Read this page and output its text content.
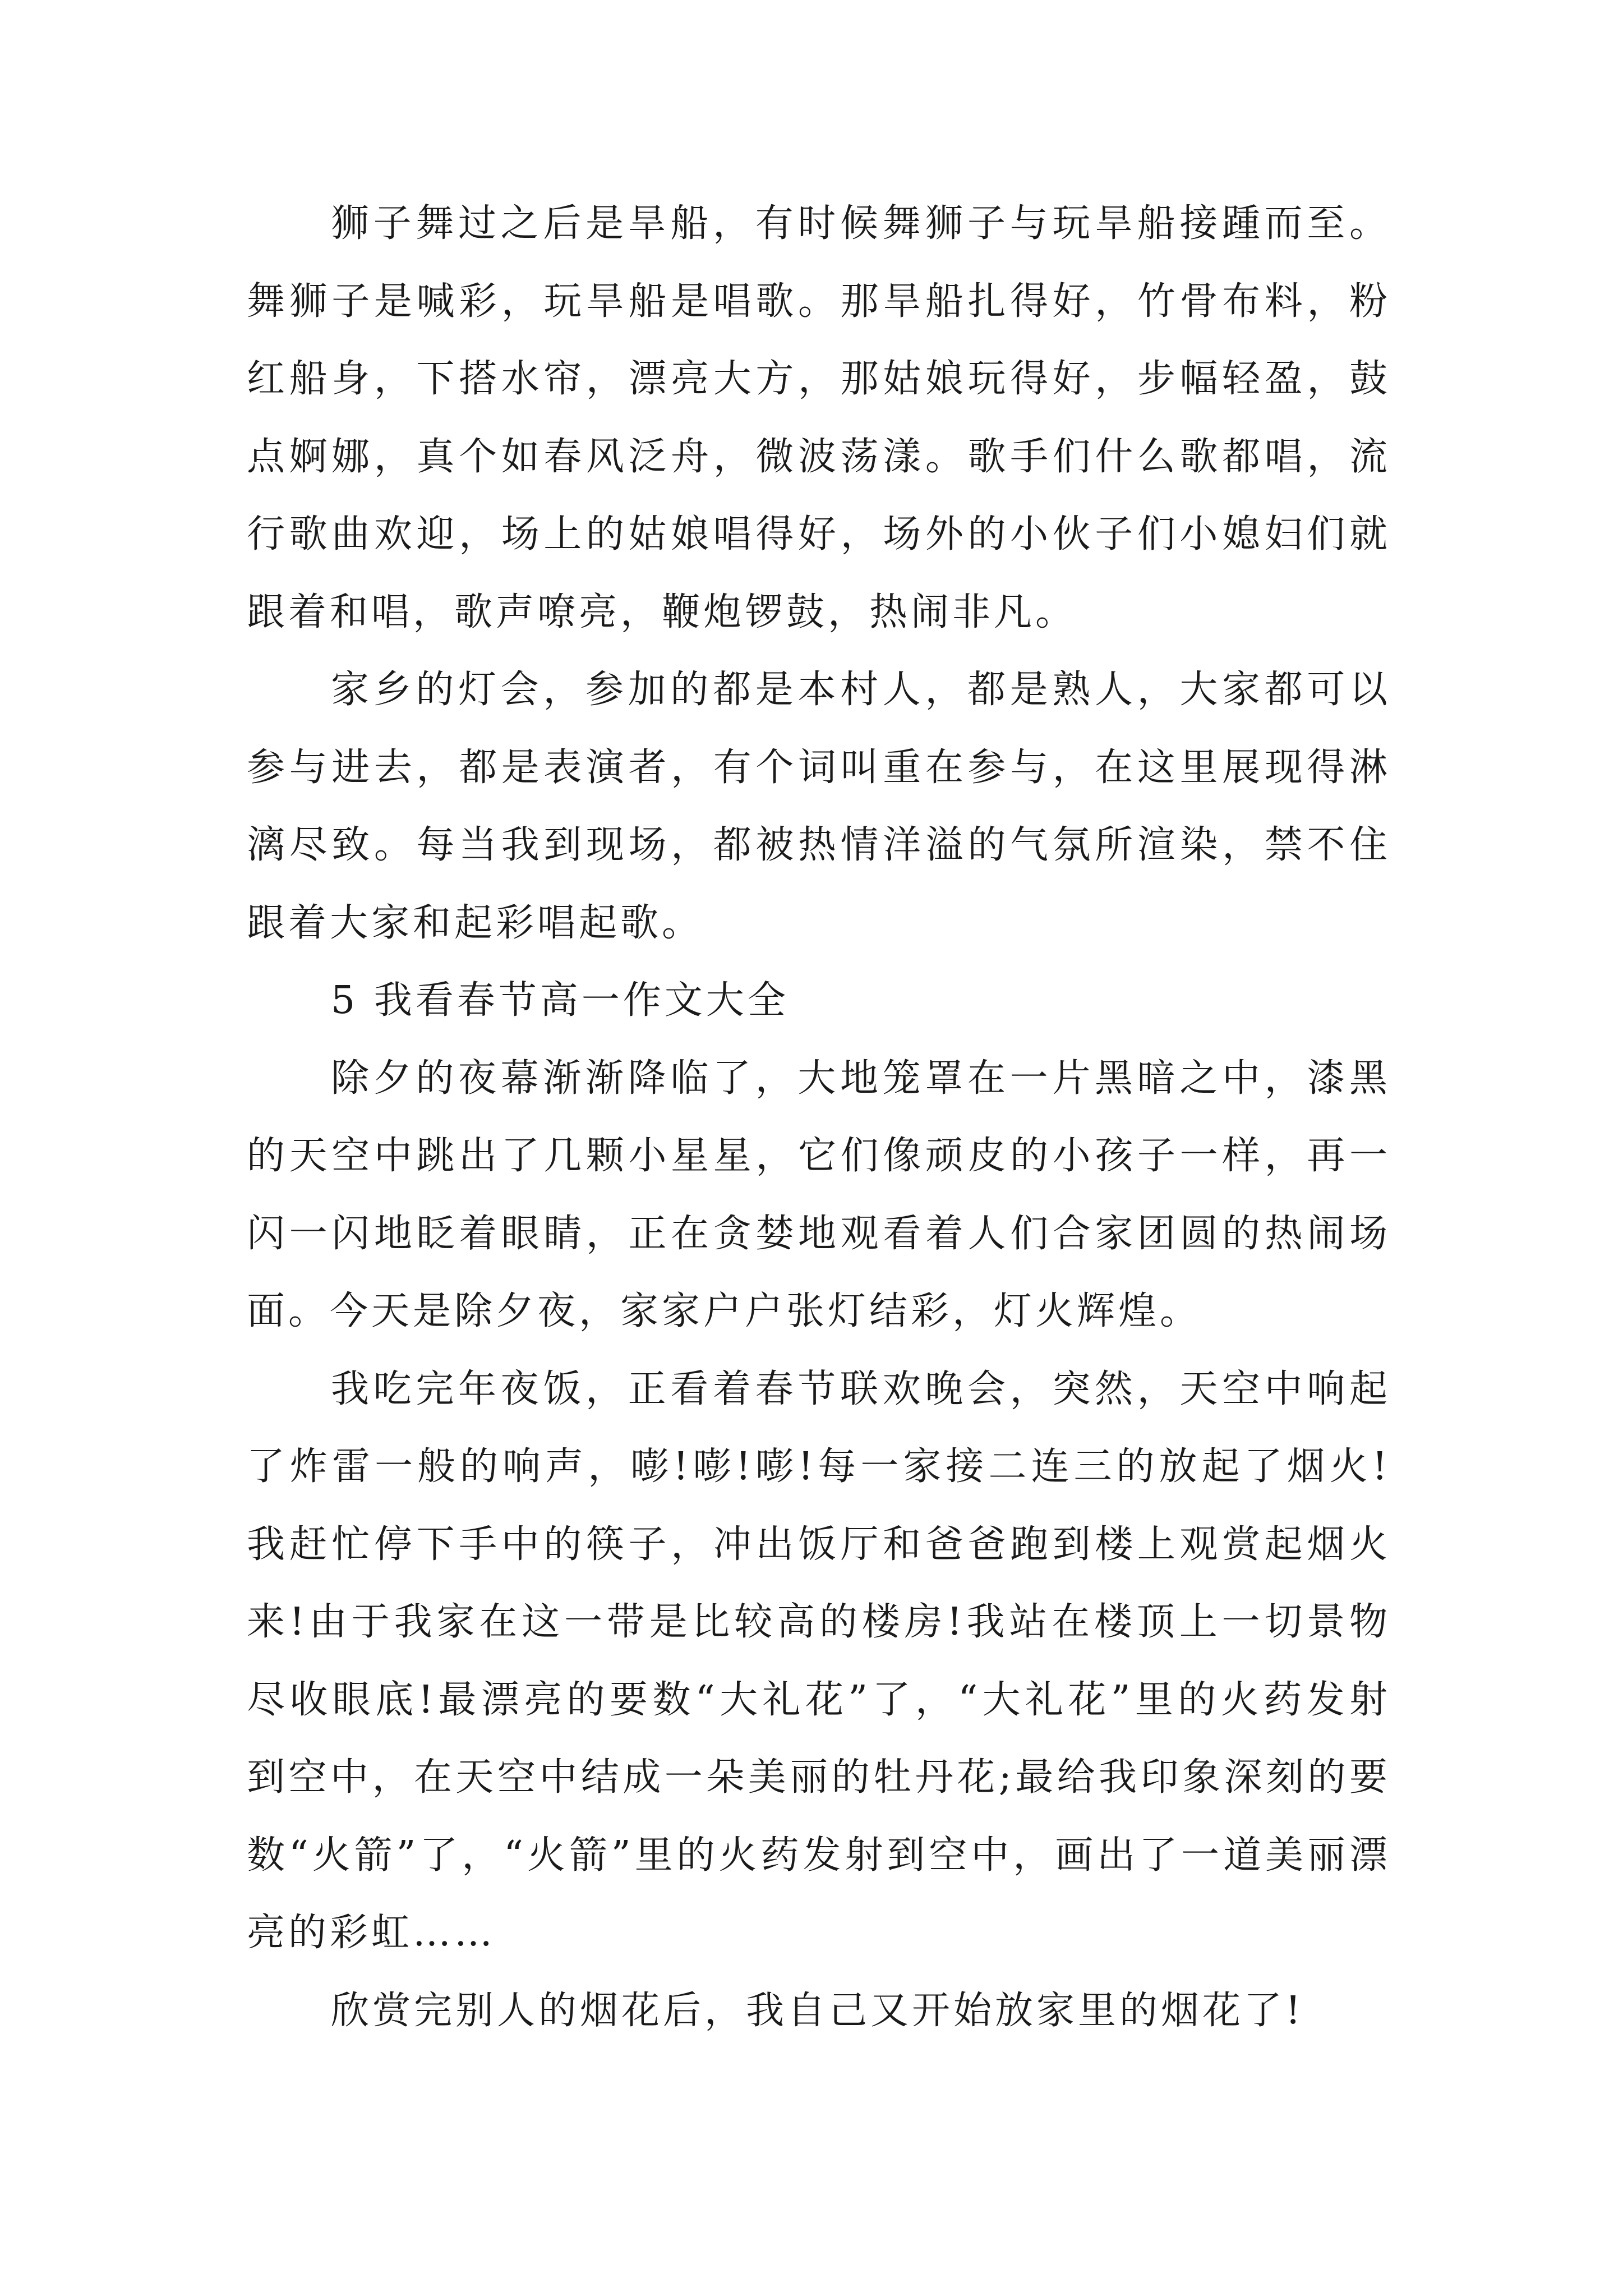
狮子舞过之后是旱船，有时候舞狮子与玩旱船接踵而至。舞狮子是喊彩，玩旱船是唱歌。那旱船扎得好，竹骨布料，粉红船身，下搭水帘，漂亮大方，那姑娘玩得好，步幅轻盈，鼓点婀娜，真个如春风泛舟，微波荡漾。歌手们什么歌都唱，流行歌曲欢迎，场上的姑娘唱得好，场外的小伙子们小媳妇们就跟着和唱，歌声嘹亮，鞭炮锣鼓，热闹非凡。

家乡的灯会，参加的都是本村人，都是熟人，大家都可以参与进去，都是表演者，有个词叫重在参与，在这里展现得淋漓尽致。每当我到现场，都被热情洋溢的气氛所渲染，禁不住跟着大家和起彩唱起歌。

5 我看春节高一作文大全

除夕的夜幕渐渐降临了，大地笼罩在一片黑暗之中，漆黑的天空中跳出了几颗小星星，它们像顽皮的小孩子一样，再一闪一闪地眨着眼睛，正在贪婪地观看着人们合家团圆的热闹场面。今天是除夕夜，家家户户张灯结彩，灯火辉煌。

我吃完年夜饭，正看着春节联欢晚会，突然，天空中响起了炸雷一般的响声，嘭!嘭!嘭!每一家接二连三的放起了烟火!我赶忙停下手中的筷子，冲出饭厅和爸爸跑到楼上观赏起烟火来!由于我家在这一带是比较高的楼房!我站在楼顶上一切景物尽收眼底!最漂亮的要数“大礼花”了，“大礼花”里的火药发射到空中，在天空中结成一朵美丽的牡丹花;最给我印象深刻的要数“火箭”了，“火箭”里的火药发射到空中，画出了一道美丽漂亮的彩虹……

欣赏完别人的烟花后，我自己又开始放家里的烟花了!
